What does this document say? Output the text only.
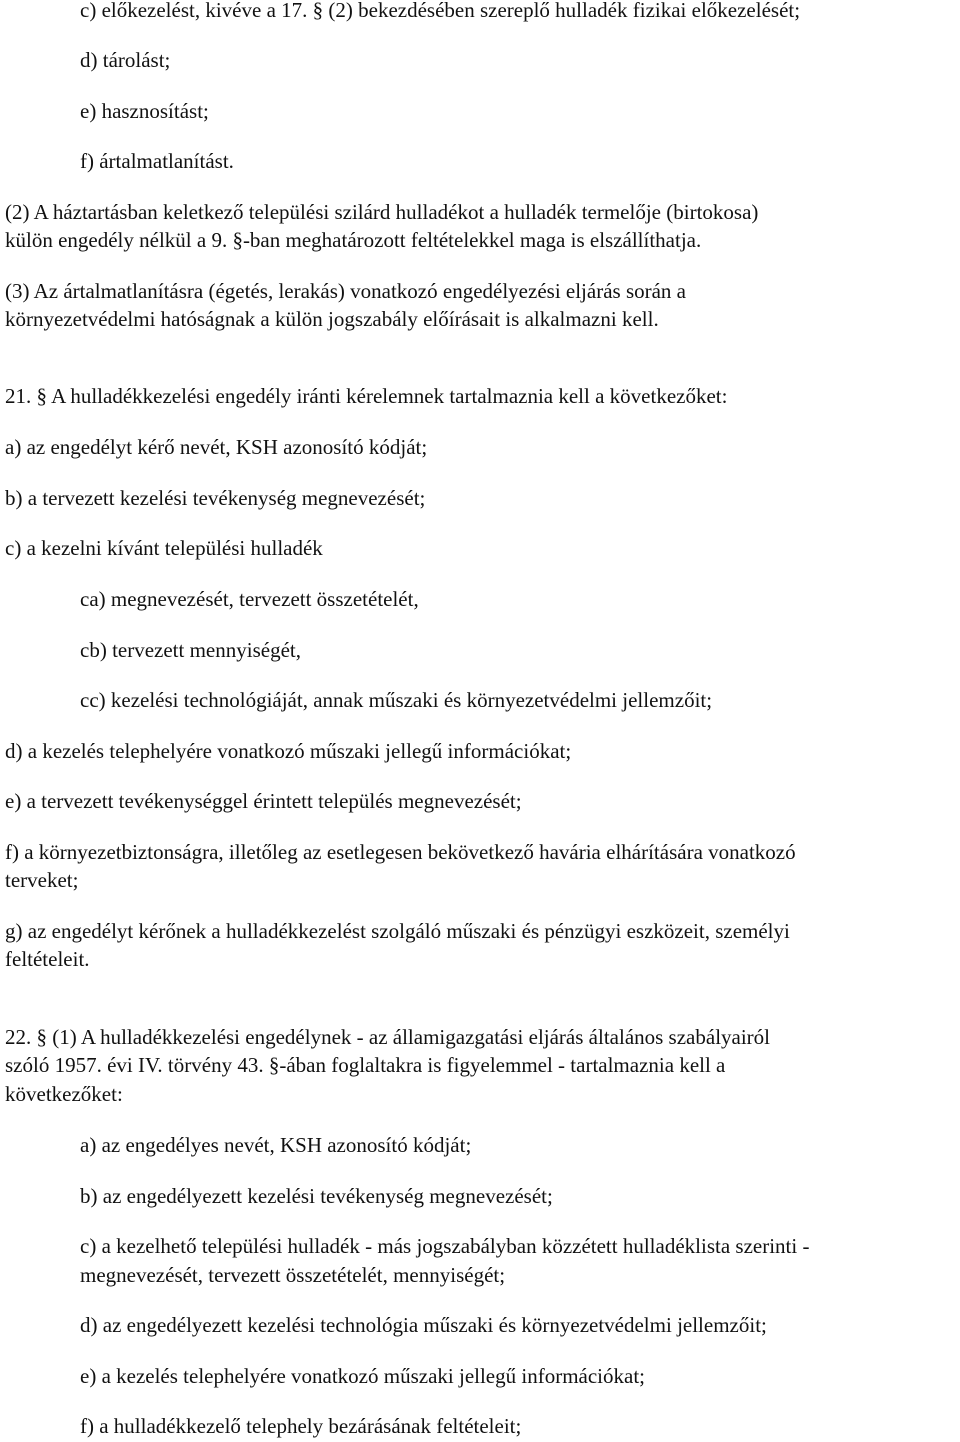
c) előkezelést, kivéve a 17. § (2) bekezdésében szereplő hulladék fizikai előkezelését;
d) tárolást;
e) hasznosítást;
f) ártalmatlanítást.
(2) A háztartásban keletkező települési szilárd hulladékot a hulladék termelője (birtokosa)
külön engedély nélkül a 9. §-ban meghatározott feltételekkel maga is elszállíthatja.
(3) Az ártalmatlanításra (égetés, lerakás) vonatkozó engedélyezési eljárás során a
környezetvédelmi hatóságnak a külön jogszabály előírásait is alkalmazni kell.
21. § A hulladékkezelési engedély iránti kérelemnek tartalmaznia kell a következőket:
a) az engedélyt kérő nevét, KSH azonosító kódját;
b) a tervezett kezelési tevékenység megnevezését;
c) a kezelni kívánt települési hulladék
ca) megnevezését, tervezett összetételét,
cb) tervezett mennyiségét,
cc) kezelési technológiáját, annak műszaki és környezetvédelmi jellemzőit;
d) a kezelés telephelyére vonatkozó műszaki jellegű információkat;
e) a tervezett tevékenységgel érintett település megnevezését;
f) a környezetbiztonságra, illetőleg az esetlegesen bekövetkező havária elhárítására vonatkozó
terveket;
g) az engedélyt kérőnek a hulladékkezelést szolgáló műszaki és pénzügyi eszközeit, személyi
feltételeit.
22. § (1) A hulladékkezelési engedélynek - az államigazgatási eljárás általános szabályairól
szóló 1957. évi IV. törvény 43. §-ában foglaltakra is figyelemmel - tartalmaznia kell a
következőket:
a) az engedélyes nevét, KSH azonosító kódját;
b) az engedélyezett kezelési tevékenység megnevezését;
c) a kezelhető települési hulladék - más jogszabályban közzétett hulladéklista szerinti -
megnevezését, tervezett összetételét, mennyiségét;
d) az engedélyezett kezelési technológia műszaki és környezetvédelmi jellemzőit;
e) a kezelés telephelyére vonatkozó műszaki jellegű információkat;
f) a hulladékkezelő telephely bezárásának feltételeit;
